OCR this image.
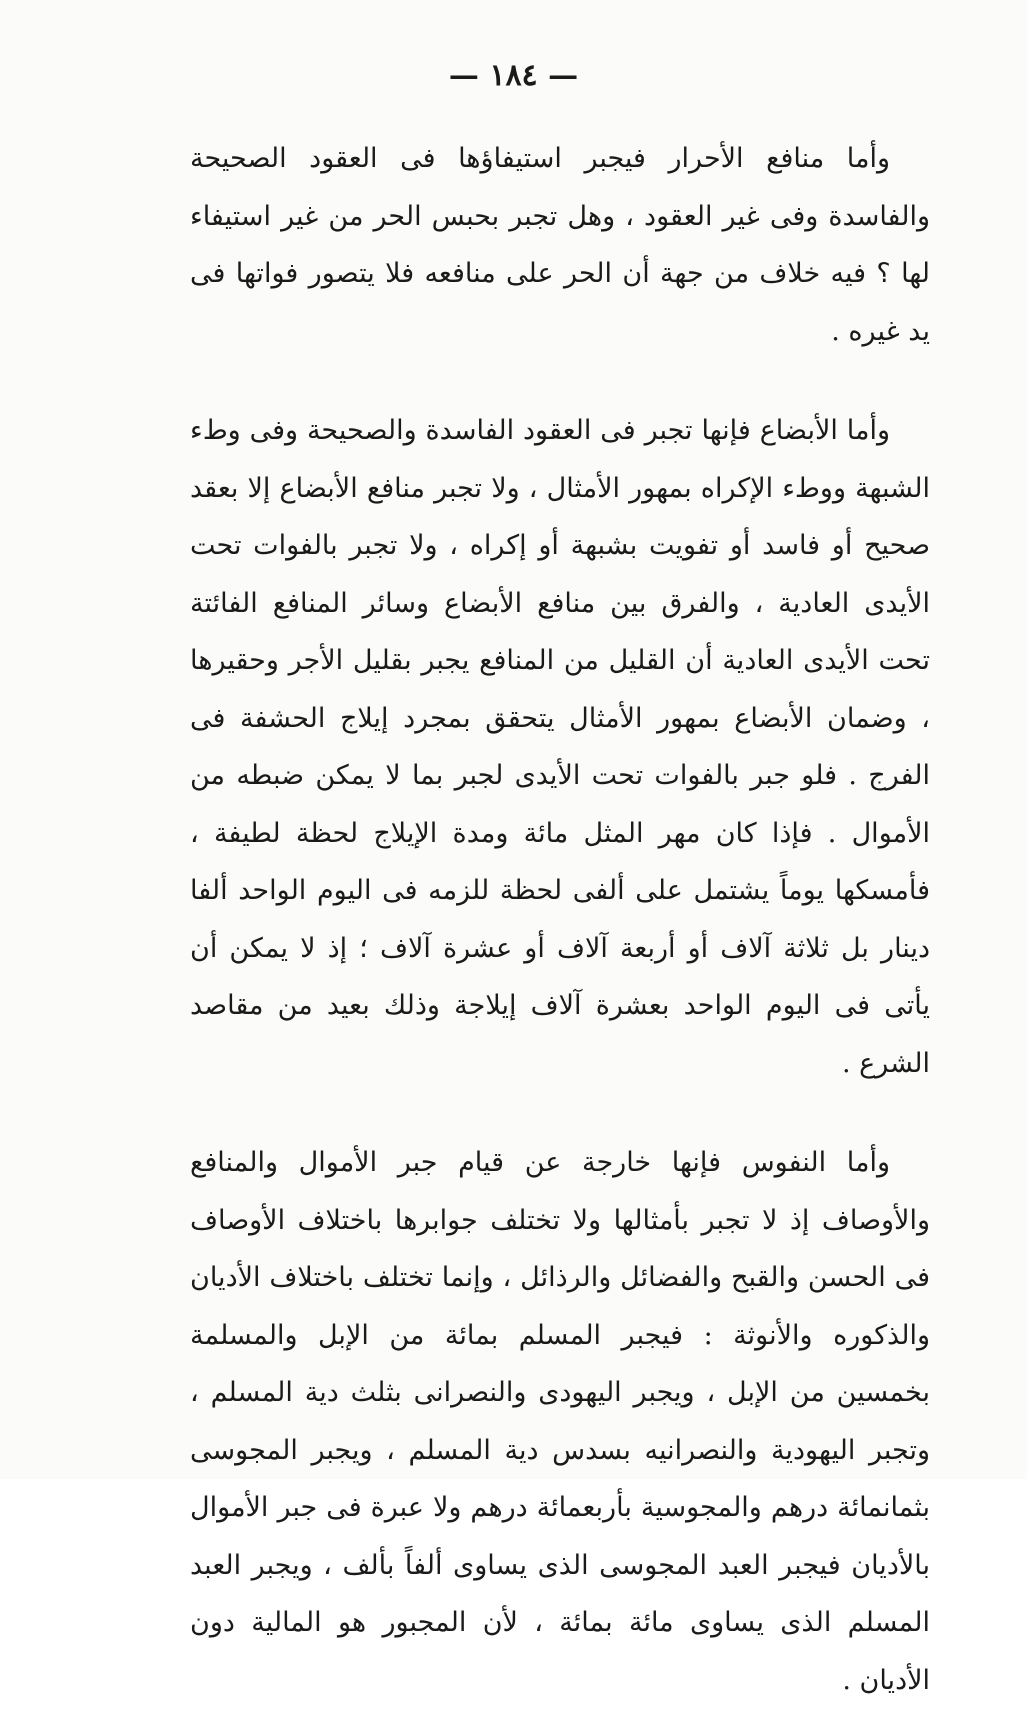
— ١٨٤ —

وأما منافع الأحرار فيجبر استيفاؤها فى العقود الصحيحة والفاسدة وفى غير العقود ، وهل تجبر بحبس الحر من غير استيفاء لها ؟ فيه خلاف من جهة أن الحر على منافعه فلا يتصور فواتها فى يد غيره .

وأما الأبضاع فإنها تجبر فى العقود الفاسدة والصحيحة وفى وطء الشبهة ووطء الإكراه بمهور الأمثال ، ولا تجبر منافع الأبضاع إلا بعقد صحيح أو فاسد أو تفويت بشبهة أو إكراه ، ولا تجبر بالفوات تحت الأيدى العادية ، والفرق بين منافع الأبضاع وسائر المنافع الفائتة تحت الأيدى العادية أن القليل من المنافع يجبر بقليل الأجر وحقيرها ، وضمان الأبضاع بمهور الأمثال يتحقق بمجرد إيلاج الحشفة فى الفرج . فلو جبر بالفوات تحت الأيدى لجبر بما لا يمكن ضبطه من الأموال . فإذا كان مهر المثل مائة ومدة الإيلاج لحظة لطيفة ، فأمسكها يوماً يشتمل على ألفى لحظة للزمه فى اليوم الواحد ألفا دينار بل ثلاثة آلاف أو أربعة آلاف أو عشرة آلاف ؛ إذ لا يمكن أن يأتى فى اليوم الواحد بعشرة آلاف إيلاجة وذلك بعيد من مقاصد الشرع .

وأما النفوس فإنها خارجة عن قيام جبر الأموال والمنافع والأوصاف إذ لا تجبر بأمثالها ولا تختلف جوابرها باختلاف الأوصاف فى الحسن والقبح والفضائل والرذائل ، وإنما تختلف باختلاف الأديان والذكوره والأنوثة : فيجبر المسلم بمائة من الإبل والمسلمة بخمسين من الإبل ، ويجبر اليهودى والنصرانى بثلث دية المسلم ، وتجبر اليهودية والنصرانيه بسدس دية المسلم ، ويجبر المجوسى بثمانمائة درهم والمجوسية بأربعمائة درهم ولا عبرة فى جبر الأموال بالأديان فيجبر العبد المجوسى الذى يساوى ألفاً بألف ، ويجبر العبد المسلم الذى يساوى مائة بمائة ، لأن المجبور هو المالية دون الأديان .
